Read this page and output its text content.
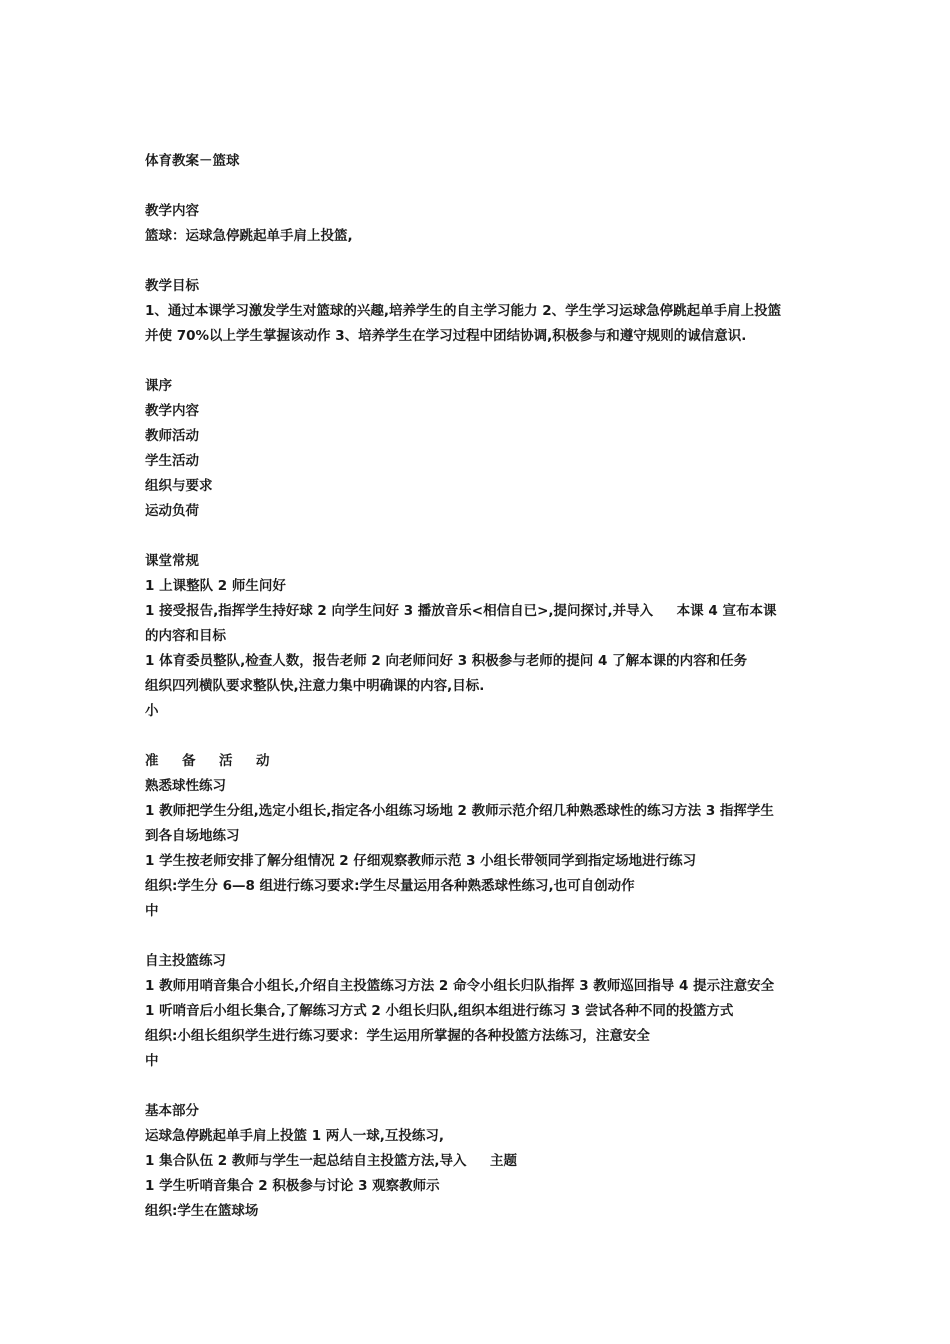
体育教案－篮球
教学内容
篮球：运球急停跳起单手肩上投篮,
教学目标
1、通过本课学习激发学生对篮球的兴趣,培养学生的自主学习能力 2、学生学习运球急停跳起单手肩上投篮
并使 70%以上学生掌握该动作 3、培养学生在学习过程中团结协调,积极参与和遵守规则的诚信意识.
课序
教学内容
教师活动
学生活动
组织与要求
运动负荷
课堂常规
1 上课整队 2 师生问好
1 接受报告,指挥学生持好球 2 向学生问好 3 播放音乐<相信自已>,提问探讨,并导入     本课 4 宣布本课
的内容和目标
1 体育委员整队,检查人数，报告老师 2 向老师问好 3 积极参与老师的提问 4 了解本课的内容和任务
组织四列横队要求整队快,注意力集中明确课的内容,目标.
小
准     备     活     动
熟悉球性练习
1 教师把学生分组,选定小组长,指定各小组练习场地 2 教师示范介绍几种熟悉球性的练习方法 3 指挥学生
到各自场地练习
1 学生按老师安排了解分组情况 2 仔细观察教师示范 3 小组长带领同学到指定场地进行练习
组织:学生分 6—8 组进行练习要求:学生尽量运用各种熟悉球性练习,也可自创动作
中
自主投篮练习
1 教师用哨音集合小组长,介绍自主投篮练习方法 2 命令小组长归队指挥 3 教师巡回指导 4 提示注意安全
1 听哨音后小组长集合,了解练习方式 2 小组长归队,组织本组进行练习 3 尝试各种不同的投篮方式
组织:小组长组织学生进行练习要求：学生运用所掌握的各种投篮方法练习，注意安全
中
基本部分
运球急停跳起单手肩上投篮 1 两人一球,互投练习,
1 集合队伍 2 教师与学生一起总结自主投篮方法,导入     主题
1 学生听哨音集合 2 积极参与讨论 3 观察教师示
组织:学生在篮球场
